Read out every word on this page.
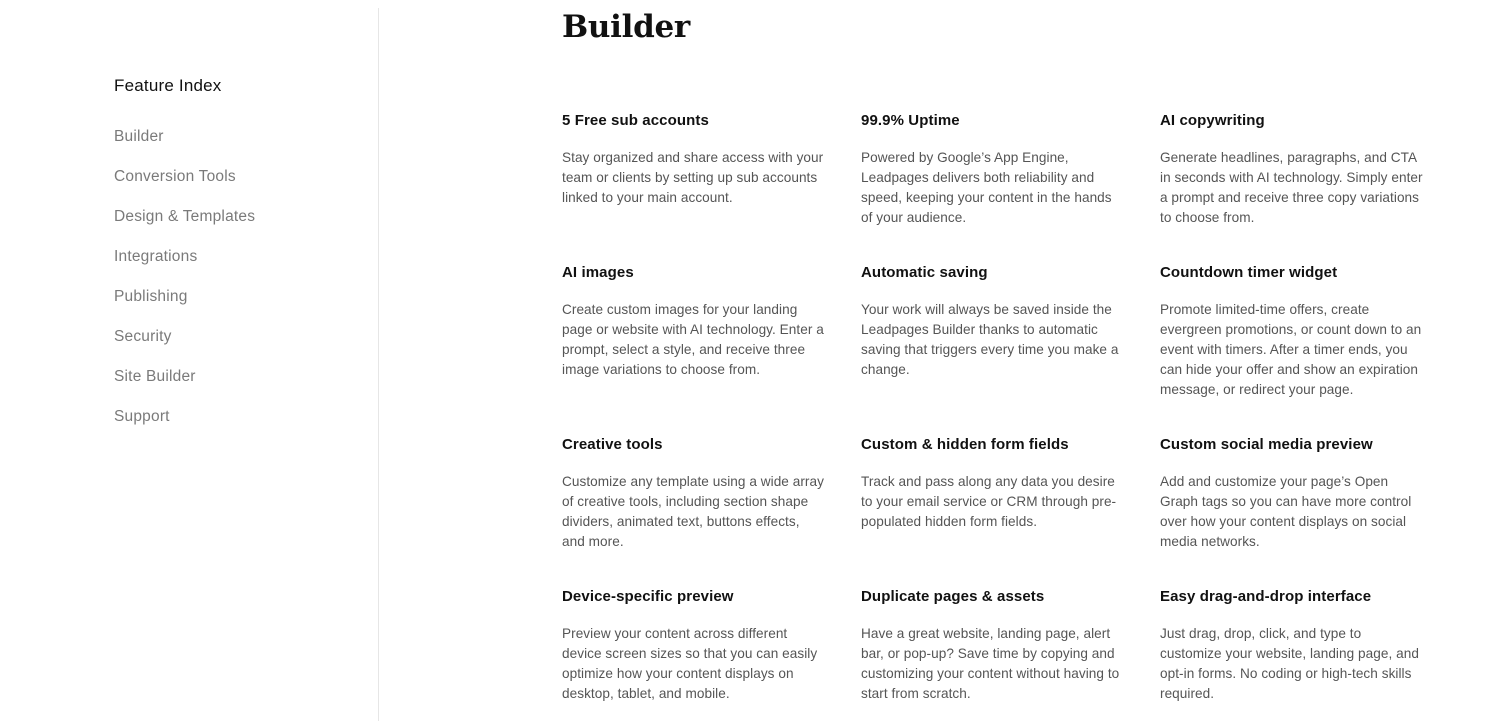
Feature Index
Builder
Conversion Tools
Design & Templates
Integrations
Publishing
Security
Site Builder
Support
Builder
5 Free sub accounts

Stay organized and share access with your team or clients by setting up sub accounts linked to your main account.

99.9% Uptime

Powered by Google’s App Engine, Leadpages delivers both reliability and speed, keeping your content in the hands of your audience.

AI copywriting

Generate headlines, paragraphs, and CTA in seconds with AI technology. Simply enter a prompt and receive three copy variations to choose from.

AI images

Create custom images for your landing page or website with AI technology. Enter a prompt, select a style, and receive three image variations to choose from.

Automatic saving

Your work will always be saved inside the Leadpages Builder thanks to automatic saving that triggers every time you make a change.

Countdown timer widget

Promote limited-time offers, create evergreen promotions, or count down to an event with timers. After a timer ends, you can hide your offer and show an expiration message, or redirect your page.

Creative tools

Customize any template using a wide array of creative tools, including section shape dividers, animated text, buttons effects, and more.

Custom & hidden form fields

Track and pass along any data you desire to your email service or CRM through pre-populated hidden form fields.

Custom social media preview

Add and customize your page’s Open Graph tags so you can have more control over how your content displays on social media networks.

Device-specific preview

Preview your content across different device screen sizes so that you can easily optimize how your content displays on desktop, tablet, and mobile.

Duplicate pages & assets

Have a great website, landing page, alert bar, or pop-up? Save time by copying and customizing your content without having to start from scratch.

Easy drag-and-drop interface

Just drag, drop, click, and type to customize your website, landing page, and opt-in forms. No coding or high-tech skills required.
